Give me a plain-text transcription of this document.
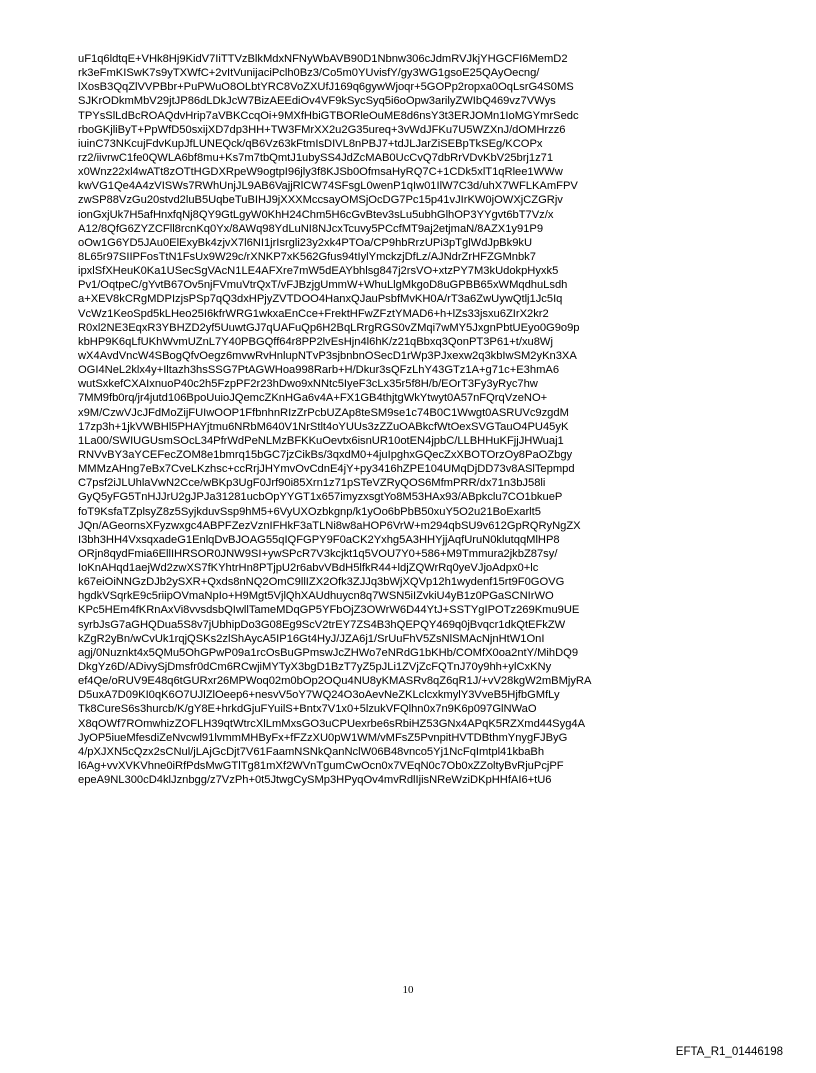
uF1q6ldtqE+VHk8Hj9KidV7IiTTVzBlkMdxNFNyWbAVB90D1Nbnw306cJdmRVJkjYHGCFI6MemD2
rk3eFmKISwK7s9yTXWfC+2vItVunijaciPclh0Bz3/Co5m0YUvisfY/gy3WG1gsoE25QAyOecng/
lXosB3QqZlVVPBbr+PuPWuO8OLbtYRC8VoZXUfJ169q6gywWjoqr+5GOPp2ropxa0OqLsrG4S0MS
SJKrODkmMbV29jtJP86dLDkJcW7BizAEEdiOv4VF9kSycSyq5i6oOpw3arilyZWIbQ469vz7VWys
TPYsSlLdBcROAQdvHrip7aVBKCcqOi+9MXfHbiGTBORleOuME8d6nsY3t3ERJOMn1IoMGYmrSedc
rboGKjliByT+PpWfD50sxijXD7dp3HH+TW3FMrXX2u2G35ureq+3vWdJFKu7U5WZXnJ/dOMHrzz6
iuinC73NKcujFdvKupJfLUNEQck/qB6Vz63kFtmIsDIVL8nPBJ7+tdJLJarZiSEBpTkSEg/KCOPx
rz2/iivrwC1fe0QWLA6bf8mu+Ks7m7tbQmtJ1ubySS4JdZcMAB0UcCvQ7dbRrVDvKbV25brj1z71
x0Wnz22xl4wATt8zOTtHGDXRpeW9ogtpI96jly3f8KJSb0OfmsaHyRQ7C+1CDk5xlT1qRlee1WWw
kwVG1Qe4A4zVISWs7RWhUnjJL9AB6VajjRlCW74SFsgL0wenP1qIw01IlW7C3d/uhX7WFLKAmFPV
zwSP88VzGu20stvd2luB5UqbeTuBIHJ9jXXXMccsayOMSjOcDG7Pc15p41vJIrKW0jOWXjCZGRjv
ionGxjUk7H5afHnxfqNj8QY9GtLgyW0KhH24Chm5H6cGvBtev3sLu5ubhGlhOP3YYgvt6bT7Vz/x
A12/8QfG6ZYZCFll8rcnKq0Yx/8AWq98YdLuNI8NJcxTcuvy5PCcfMT9aj2etjmaN/8AZX1y91P9
oOw1G6YD5JAu0ElExyBk4zjvX7l6NI1jrIsrgli23y2xk4PTOa/CP9hbRrzUPi3pTglWdJpBk9kU
8L65r97SIIPFosTtN1FsUx9W29c/rXNKP7xK562Gfus94tIylYmckzjDfLz/AJNdrZrHFZGMnbk7
ipxlSfXHeuK0Ka1USecSgVAcN1LE4AFXre7mW5dEAYbhlsg847j2rsVO+xtzPY7M3kUdokpHyxk5
Pv1/OqtpeC/gYvtB67Ov5njFVmuVtrQxT/vFJBzjgUmmW+WhuLlgMkgoD8uGPBB65xWMqdhuLsdh
a+XEV8kCRgMDPIzjsPSp7qQ3dxHPjyZVTDOO4HanxQJauPsbfMvKH0A/rT3a6ZwUywQtlj1Jc5Iq
VcWz1KeoSpd5kLHeo25I6kfrWRG1wkxaEnCce+FrektHFwZFztYMAD6+h+lZs33jsxu6ZIrX2kr2
R0xl2NE3EqxR3YBHZD2yf5UuwtGJ7qUAFuQp6H2BqLRrgRGS0vZMqi7wMY5JxgnPbtUEyo0G9o9p
kbHP9K6qLfUKhWvmUZnL7Y40PBGQff64r8PP2lvEsHjn4l6hK/z21qBbxq3QonPT3P61+t/xu8Wj
wX4AvdVncW4SBogQfvOegz6mvwRvHnlupNTvP3sjbnbnOSecD1rWp3PJxexw2q3kbIwSM2yKn3XA
OGI4NeL2klx4y+Iltazh3hsSSG7PtAGWHoa998Rarb+H/Dkur3sQFzLhY43GTz1A+g71c+E3hmA6
wutSxkefCXAIxnuoP40c2h5FzpPF2r23hDwo9xNNtc5IyeF3cLx35r5f8H/b/EOrT3Fy3yRyc7hw
7MM9fb0rq/jr4jutd106BpoUuioJQemcZKnHGa6v4A+FX1GB4thjtgWkYtwyt0A57nFQrqVzeNO+
x9M/CzwVJcJFdMoZijFUIwOOP1FfbnhnRIzZrPcbUZAp8teSM9se1c74B0C1Wwgt0ASRUVc9zgdM
17zp3h+1jkVWBHl5PHAYjtmu6NRbM640V1NrStlt4oYUUs3zZZuOABkcfWtOexSVGTauO4PU45yK
1La00/SWIUGUsmSOcL34PfrWdPeNLMzBFKKuOevtx6isnUR10otEN4jpbC/LLBHHuKFjjJHWuaj1
RNVvBY3aYCEFecZOM8e1bmrq15bGC7jzCikBs/3qxdM0+4juIpghxGQecZxXBOTOrzOy8PaOZbgy
MMMzAHng7eBx7CveLKzhsc+ccRrjJHYmvOvCdnE4jY+py3416hZPE104UMqDjDD73v8ASlTepmpd
C7psf2iJLUhlaVwN2Cce/wBKp3UgF0Jrf90i85Xrn1z71pSTeVZRyQOS6MfmPRR/dx71n3bJ58li
GyQ5yFG5TnHJJrU2gJPJa31281ucbOpYYGT1x657imyzxsgtYo8M53HAx93/ABpkclu7CO1bkueP
foT9KsfaTZplsyZ8z5SyjkduvSsp9hM5+6VyUXOzbkgnp/k1yOo6bPbB50xuY5O2u21BoExarlt5
JQn/AGeornsXFyzwxgc4ABPFZezVznIFHkF3aTLNi8w8aHOP6VrW+m294qbSU9v612GpRQRyNgZX
I3bh3HH4VxsqxadeG1EnlqDvBJOAG55qIQFGPY9F0aCK2Yxhg5A3HHYjjAqfUruN0klutqqMlHP8
ORjn8qydFmia6EllIHRSOR0JNW9SI+ywSPcR7V3kcjkt1q5VOU7Y0+586+M9Tmmura2jkbZ87sy/
IoKnAHqd1aejWd2zwXS7fKYhtrHn8PTjpU2r6abvVBdH5lfkR44+ldjZQWrRq0yeVJjoAdpx0+lc
k67eiOiNNGzDJb2ySXR+Qxds8nNQ2OmC9llIZX2Ofk3ZJJq3bWjXQVp12h1wydenf15rt9F0GOVG
hgdkVSqrkE9c5riipOVmaNpIo+H9Mgt5VjlQhXAUdhuycn8q7WSN5iIZvkiU4yB1z0PGaSCNIrWO
KPc5HEm4fKRnAxVi8vvsdsbQIwllTameMDqGP5YFbOjZ3OWrW6D44YtJ+SSTYgIPOTz269Kmu9UE
syrbJsG7aGHQDua5S8v7jUbhipDo3G08Eg9ScV2trEY7ZS4B3hQEPQY469q0jBvqcr1dkQtEFkZW
kZgR2yBn/wCvUk1rqjQSKs2zlShAycA5IP16Gt4HyJ/JZA6j1/SrUuFhV5ZsNlSMAcNjnHtW1OnI
agj/0Nuznkt4x5QMu5OhGPwP09a1rcOsBuGPmswJcZHWo7eNRdG1bKHb/COMfX0oa2ntY/MihDQ9
DkgYz6D/ADivySjDmsfr0dCm6RCwjiMYTyX3bgD1BzT7yZ5pJLi1ZVjZcFQTnJ70y9hh+ylCxKNy
ef4Qe/oRUV9E48q6tGURxr26MPWoq02m0bOp2OQu4NU8yKMASRv8qZ6qR1J/+vV28kgW2mBMjyRA
D5uxA7D09KI0qK6O7UJlZlOeep6+nesvV5oY7WQ24O3oAevNeZKLclcxkmylY3VveB5HjfbGMfLy
Tk8CureS6s3hurcb/K/gY8E+hrkdGjuFYuilS+Bntx7V1x0+5lzukVFQlhn0x7n9K6p097GlNWaO
X8qOWf7ROmwhizZOFLH39qtWtrcXlLmMxsGO3uCPUexrbe6sRbiHZ53GNx4APqK5RZXmd44Syg4A
JyOP5iueMfesdiZeNvcwl91lvmmMHByFx+fFZzXU0pW1WM/vMFsZ5PvnpitHVTDBthmYnygFJByG
4/pXJXN5cQzx2sCNul/jLAjGcDjt7V61FaamNSNkQanNclW06B48vnco5Yj1NcFqImtpl41kbaBh
l6Ag+vvXVKVhne0iRfPdsMwGTlTg81mXf2WVnTgumCwOcn0x7VEqN0c7Ob0xZZoltyBvRjuPcjPF
epeA9NL300cD4klJznbgg/z7VzPh+0t5JtwgCySMp3HPyqOv4mvRdlIjisNReWziDKpHHfAI6+tU6
10
EFTA_R1_01446198
